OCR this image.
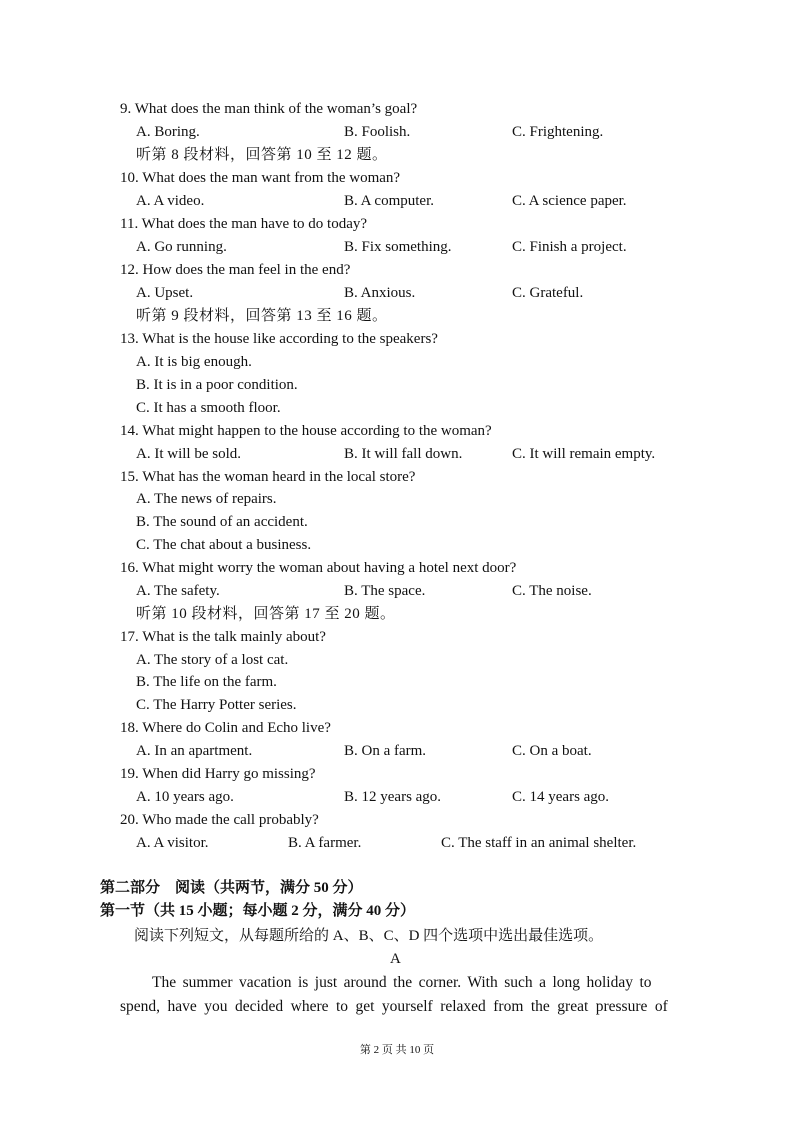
9. What does the man think of the woman’s goal?
A. Boring.	B. Foolish.	C. Frightening.
听第 8 段材料，回答第 10 至 12 题。
10. What does the man want from the woman?
A. A video.	B. A computer.	C. A science paper.
11. What does the man have to do today?
A. Go running.	B. Fix something.	C. Finish a project.
12. How does the man feel in the end?
A. Upset.	B. Anxious.	C. Grateful.
听第 9 段材料，回答第 13 至 16 题。
13. What is the house like according to the speakers?
A. It is big enough.
B. It is in a poor condition.
C. It has a smooth floor.
14. What might happen to the house according to the woman?
A. It will be sold.	B. It will fall down.	C. It will remain empty.
15. What has the woman heard in the local store?
A. The news of repairs.
B. The sound of an accident.
C. The chat about a business.
16. What might worry the woman about having a hotel next door?
A. The safety.	B. The space.	C. The noise.
听第 10 段材料，回答第 17 至 20 题。
17. What is the talk mainly about?
A. The story of a lost cat.
B. The life on the farm.
C. The Harry Potter series.
18. Where do Colin and Echo live?
A. In an apartment.	B. On a farm.	C. On a boat.
19. When did Harry go missing?
A. 10 years ago.	B. 12 years ago.	C. 14 years ago.
20. Who made the call probably?
A. A visitor.	B. A farmer.	C. The staff in an animal shelter.
第二部分　阅读（共两节，满分 50 分）
第一节（共 15 小题；每小题 2 分，满分 40 分）
阅读下列短文，从每题所给的 A、B、C、D 四个选项中选出最佳选项。
A
The summer vacation is just around the corner. With such a long holiday to
spend, have you decided where to get yourself relaxed from the great pressure of
第 2 页 共 10 页
